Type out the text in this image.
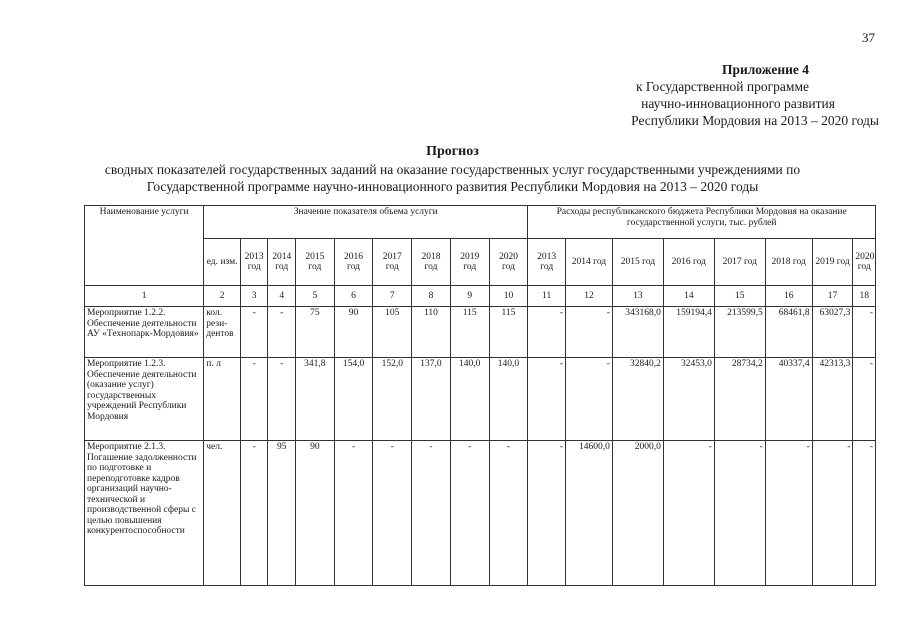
37
Приложение 4
к Государственной программе
научно-инновационного развития
Республики Мордовия на 2013 – 2020 годы
Прогноз
сводных показателей государственных заданий на оказание государственных услуг государственными учреждениями по
Государственной программе научно-инновационного развития Республики Мордовия на 2013 – 2020 годы
Наименование услуги	Значение показателя объема услуги									Расходы республиканского бюджета Республики Мордовия на оказание государственной услуги, тыс. рублей							
	ед. изм.	2013 год	2014 год	2015 год	2016 год	2017 год	2018 год	2019 год	2020 год	2013 год	2014 год	2015 год	2016 год	2017 год	2018 год	2019 год	2020 год
1	2	3	4	5	6	7	8	9	10	11	12	13	14	15	16	17	18
Мероприятие 1.2.2. Обеспечение деятельности АУ «Технопарк-Мордовия»	кол. рези-дентов	-	-	75	90	105	110	115	115	-	-	343168,0	159194,4	213599,5	68461,8	63027,3	-
Мероприятие 1.2.3. Обеспечение деятельности (оказание услуг) государственных учреждений Республики Мордовия	п. л	-	-	341,8	154,0	152,0	137,0	140,0	140,0	-	-	32840,2	32453,0	28734,2	40337,4	42313,3	-
Мероприятие 2.1.3. Погашение задолженности по подготовке и переподготовке кадров организаций научно-технической и производственной сферы с целью повышения конкурентоспособности	чел.	-	95	90	-	-	-	-	-	-	14600,0	2000,0	-	-	-	-	-
